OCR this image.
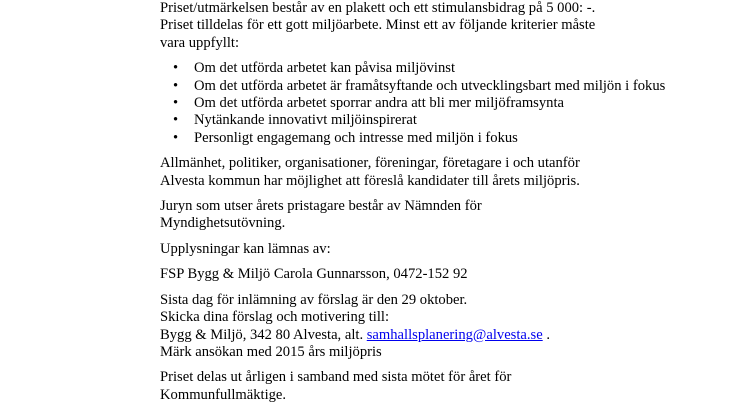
Priset/utmärkelsen består av en plakett och ett stimulansbidrag på 5 000: -.
Priset tilldelas för ett gott miljöarbete. Minst ett av följande kriterier måste
vara uppfyllt:

• Om det utförda arbetet kan påvisa miljövinst
• Om det utförda arbetet är framåtsyftande och utvecklingsbart med miljön i fokus
• Om det utförda arbetet sporrar andra att bli mer miljöframsynta
• Nytänkande innovativt miljöinspirerat
• Personligt engagemang och intresse med miljön i fokus

Allmänhet, politiker, organisationer, föreningar, företagare i och utanför
Alvesta kommun har möjlighet att föreslå kandidater till årets miljöpris.

Juryn som utser årets pristagare består av Nämnden för
Myndighetsutövning.

Upplysningar kan lämnas av:

FSP Bygg & Miljö Carola Gunnarsson, 0472-152 92

Sista dag för inlämning av förslag är den 29 oktober.
Skicka dina förslag och motivering till:
Bygg & Miljö, 342 80 Alvesta, alt. samhallsplanering@alvesta.se .
Märk ansökan med 2015 års miljöpris

Priset delas ut årligen i samband med sista mötet för året för
Kommunfullmäktige.
